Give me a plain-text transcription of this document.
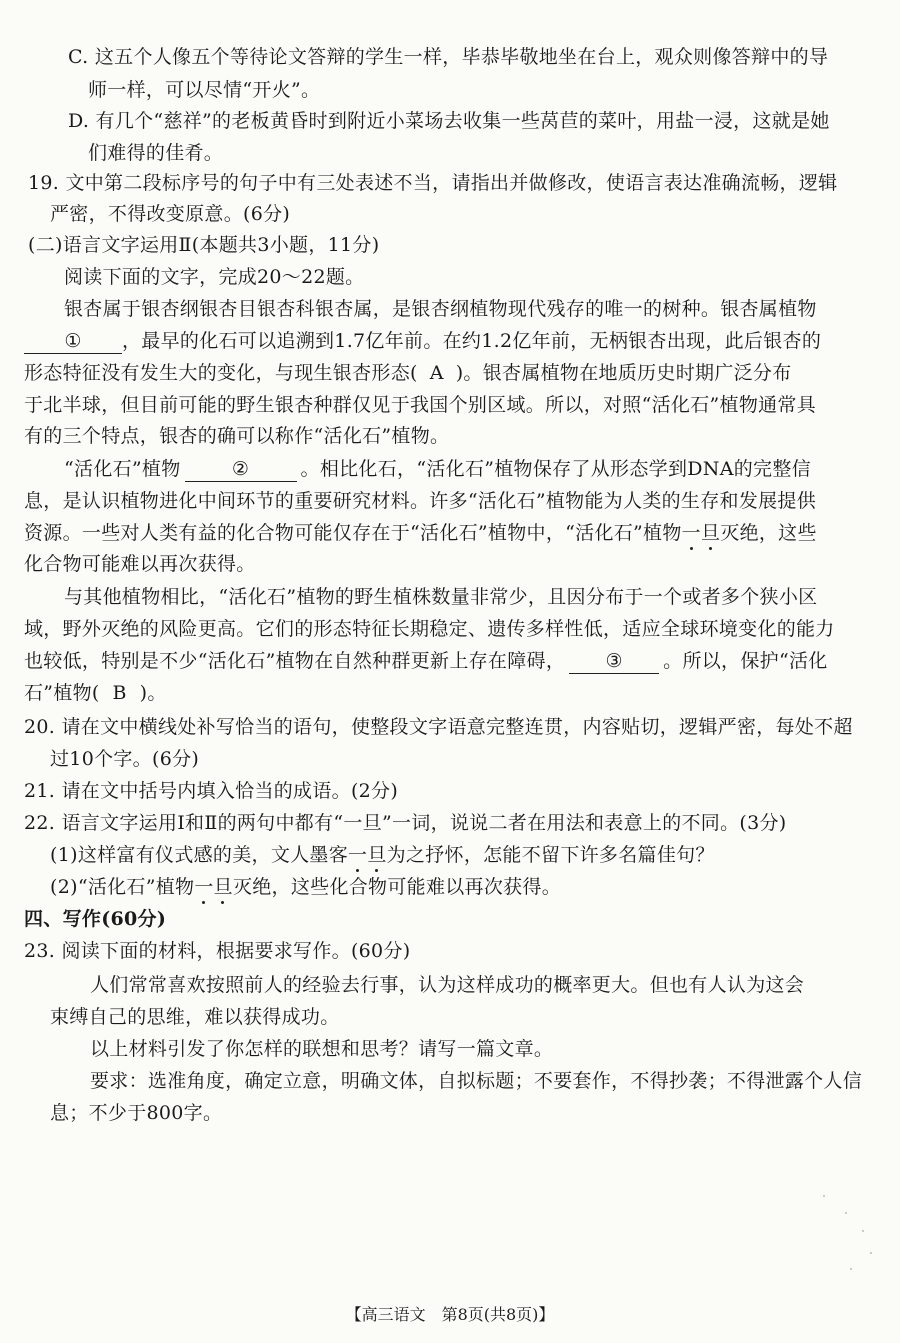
C. 这五个人像五个等待论文答辩的学生一样，毕恭毕敬地坐在台上，观众则像答辩中的导
师一样，可以尽情“开火”。
D. 有几个“慈祥”的老板黄昏时到附近小菜场去收集一些莴苣的菜叶，用盐一浸，这就是她
们难得的佳肴。
19. 文中第二段标序号的句子中有三处表述不当，请指出并做修改，使语言表达准确流畅，逻辑
严密，不得改变原意。(6分)
(二)语言文字运用Ⅱ(本题共3小题，11分)
阅读下面的文字，完成20～22题。
银杏属于银杏纲银杏目银杏科银杏属，是银杏纲植物现代残存的唯一的树种。银杏属植物
① ，最早的化石可以追溯到1.7亿年前。在约1.2亿年前，无柄银杏出现，此后银杏的
形态特征没有发生大的变化，与现生银杏形态( A )。银杏属植物在地质历史时期广泛分布
于北半球，但目前可能的野生银杏种群仅见于我国个别区域。所以，对照“活化石”植物通常具
有的三个特点，银杏的确可以称作“活化石”植物。
“活化石”植物	②	。相比化石，“活化石”植物保存了从形态学到DNA的完整信
息，是认识植物进化中间环节的重要研究材料。许多“活化石”植物能为人类的生存和发展提供
资源。一些对人类有益的化合物可能仅存在于“活化石”植物中，“活化石”植物一旦
灭绝，这些
化合物可能难以再次获得。
与其他植物相比，“活化石”植物的野生植株数量非常少，且因分布于一个或者多个狭小区
域，野外灭绝的风险更高。它们的形态特征长期稳定、遗传多样性低，适应全球环境变化的能力
也较低，特别是不少“活化石”植物在自然种群更新上存在障碍， ③ 。所以，保护“活化
石”植物( B )。
20. 请在文中横线处补写恰当的语句，使整段文字语意完整连贯，内容贴切，逻辑严密，每处不超
过10个字。(6分)
21. 请在文中括号内填入恰当的成语。(2分)
22. 语言文字运用Ⅰ和Ⅱ的两句中都有“一旦”一词，说说二者在用法和表意上的不同。(3分)
(1)这样富有仪式感的美，文人墨客一旦
为之抒怀，怎能不留下许多名篇佳句？
(2)“活化石”植物一旦
灭绝，这些化合物可能难以再次获得。
四、写作(60分)
23. 阅读下面的材料，根据要求写作。(60分)
人们常常喜欢按照前人的经验去行事，认为这样成功的概率更大。但也有人认为这会
束缚自己的思维，难以获得成功。
以上材料引发了你怎样的联想和思考？请写一篇文章。
要求：选准角度，确定立意，明确文体，自拟标题；不要套作，不得抄袭；不得泄露个人信
息；不少于800字。
【高三语文　第8页(共8页)】
